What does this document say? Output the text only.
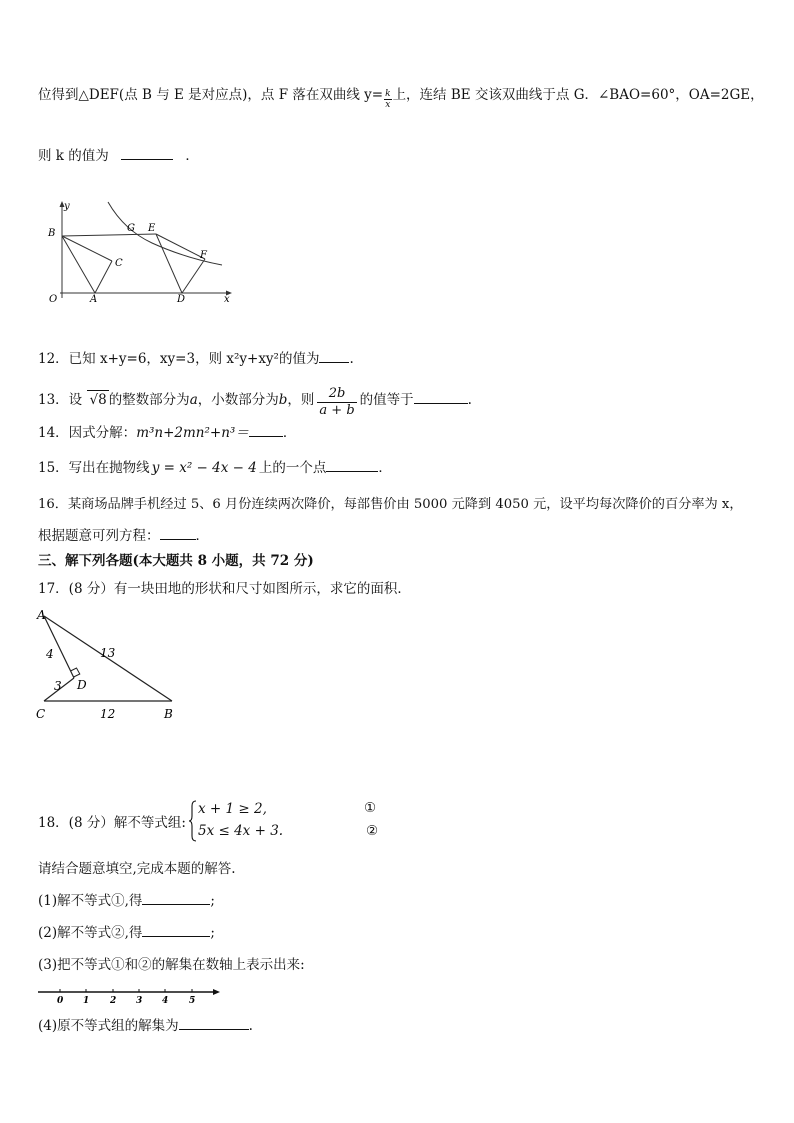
位得到△DEF(点 B 与 E 是对应点)，点 F 落在双曲线 $y= \frac{k}{x}$ 上，连结 BE 交该双曲线于点 G．∠BAO=60°，OA=2GE，
则 k 的值为	．
y
B	G E
F
C
O	A	D	x
12．已知 x+y=6，xy=3，则 x²y+xy²的值为 .
13．设 √8 的整数部分为a，小数部分为b，则 $\frac{2b}{a + b}$ 的值等于	.
14．因式分解：m³n+2mn²+n³＝	．
15．写出在抛物线 y = x² − 4x − 4 上的一个点	．
16．某商场品牌手机经过 5、6 月份连续两次降价，每部售价由 5000 元降到 4050 元，设平均每次降价的百分率为 x，
根据题意可列方程：	．
三、解下列各题(本大题共 8 小题，共 72 分)
17．(8 分）有一块田地的形状和尺寸如图所示，求它的面积．
A
D
C	B
4	13
3
12
18．(8 分）解不等式组:
x + 1 ≥ 2,
5x ≤ 4x + 3.
①
②
请结合题意填空,完成本题的解答.
(1)解不等式①,得	;
(2)解不等式②,得	;
(3)把不等式①和②的解集在数轴上表示出来:
0 1 2 3 4 5
(4)原不等式组的解集为	.
